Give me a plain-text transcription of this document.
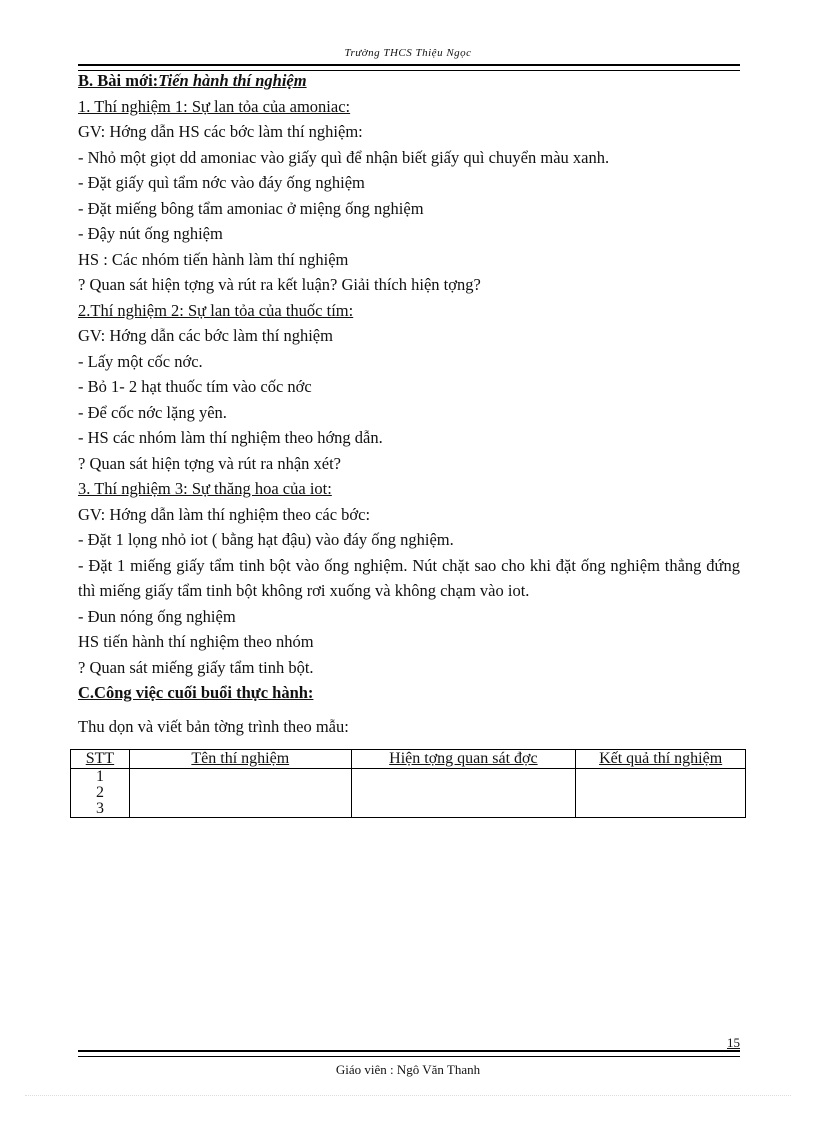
Trường THCS Thiệu Ngọc
B. Bài mới:Tiến hành thí nghiệm
1. Thí nghiệm 1: Sự lan tỏa của amoniac:
GV: Hớng dẫn HS các bớc làm thí nghiệm:
- Nhỏ một giọt dd amoniac vào giấy quì để nhận biết giấy quì chuyển màu xanh.
- Đặt giấy quì tẩm nớc vào đáy ống nghiệm
- Đặt miếng bông tẩm amoniac ở miệng ống nghiệm
- Đậy nút ống nghiệm
HS : Các nhóm tiến hành làm thí nghiệm
? Quan sát hiện tợng và rút ra kết luận? Giải thích hiện tợng?
2.Thí nghiệm 2: Sự lan tỏa của thuốc tím:
GV: Hớng dẫn các bớc làm thí nghiệm
- Lấy một cốc nớc.
- Bỏ 1- 2 hạt thuốc tím vào cốc nớc
- Để cốc nớc lặng yên.
- HS các nhóm làm thí nghiệm theo hớng dẫn.
? Quan sát hiện tợng và rút ra nhận xét?
3. Thí nghiệm 3: Sự thăng hoa của iot:
GV: Hớng dẫn làm thí nghiệm theo các bớc:
- Đặt 1 lọng nhỏ iot ( bằng hạt đậu) vào đáy ống nghiệm.
- Đặt 1 miếng giấy tẩm tinh bột vào ống nghiệm. Nút chặt sao cho khi đặt ống nghiệm thẳng đứng thì miếng giấy tẩm tinh bột không rơi xuống và không chạm vào iot.
- Đun nóng ống nghiệm
HS tiến hành thí nghiệm theo nhóm
? Quan sát miếng giấy tẩm tinh bột.
C.Công việc cuối buổi thực hành:
Thu dọn và viết bản tờng trình theo mẫu:
STT	Tên thí nghiệm	Hiện tợng quan sát đợc	Kết quả thí nghiệm

1
2
3			

15
Giáo viên : Ngô Văn Thanh
